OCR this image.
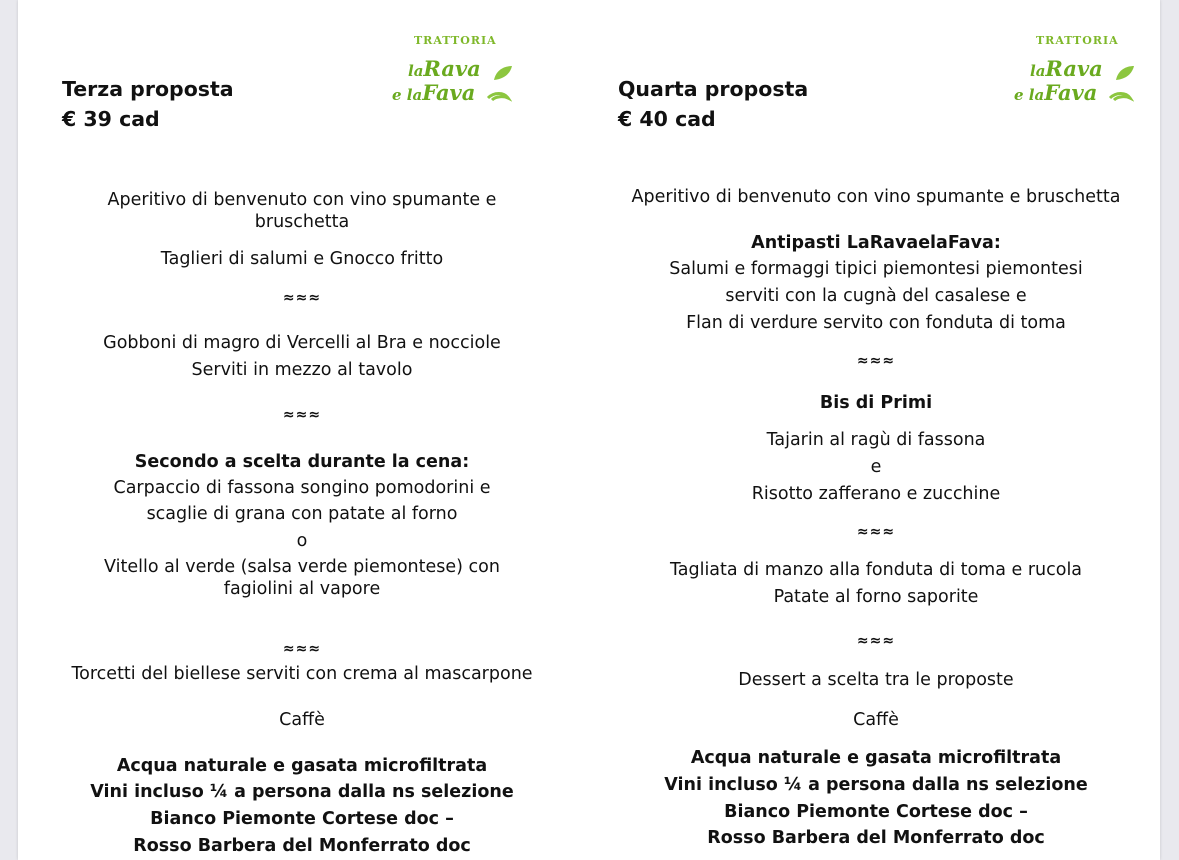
Terza proposta
€ 39 cad
TRATTORIA
laRava
e laFava
Aperitivo di benvenuto con vino spumante e
bruschetta
Taglieri di salumi e Gnocco fritto
≈≈≈
Gobboni di magro di Vercelli al Bra e nocciole
Serviti in mezzo al tavolo
≈≈≈
Secondo a scelta durante la cena:
Carpaccio di fassona songino pomodorini e
scaglie di grana con patate al forno
o
Vitello al verde (salsa verde piemontese) con
fagiolini al vapore
≈≈≈
Torcetti del biellese serviti con crema al mascarpone
Caffè
Acqua naturale e gasata microfiltrata
Vini incluso ¼ a persona dalla ns selezione
Bianco Piemonte Cortese doc –
Rosso Barbera del Monferrato doc
Quarta proposta
€ 40 cad
TRATTORIA
laRava
e laFava
Aperitivo di benvenuto con vino spumante e bruschetta
Antipasti LaRavaelaFava:
Salumi e formaggi tipici piemontesi piemontesi
serviti con la cugnà del casalese e
Flan di verdure servito con fonduta di toma
≈≈≈
Bis di Primi
Tajarin al ragù di fassona
e
Risotto zafferano e zucchine
≈≈≈
Tagliata di manzo alla fonduta di toma e rucola
Patate al forno saporite
≈≈≈
Dessert a scelta tra le proposte
Caffè
Acqua naturale e gasata microfiltrata
Vini incluso ¼ a persona dalla ns selezione
Bianco Piemonte Cortese doc –
Rosso Barbera del Monferrato doc
